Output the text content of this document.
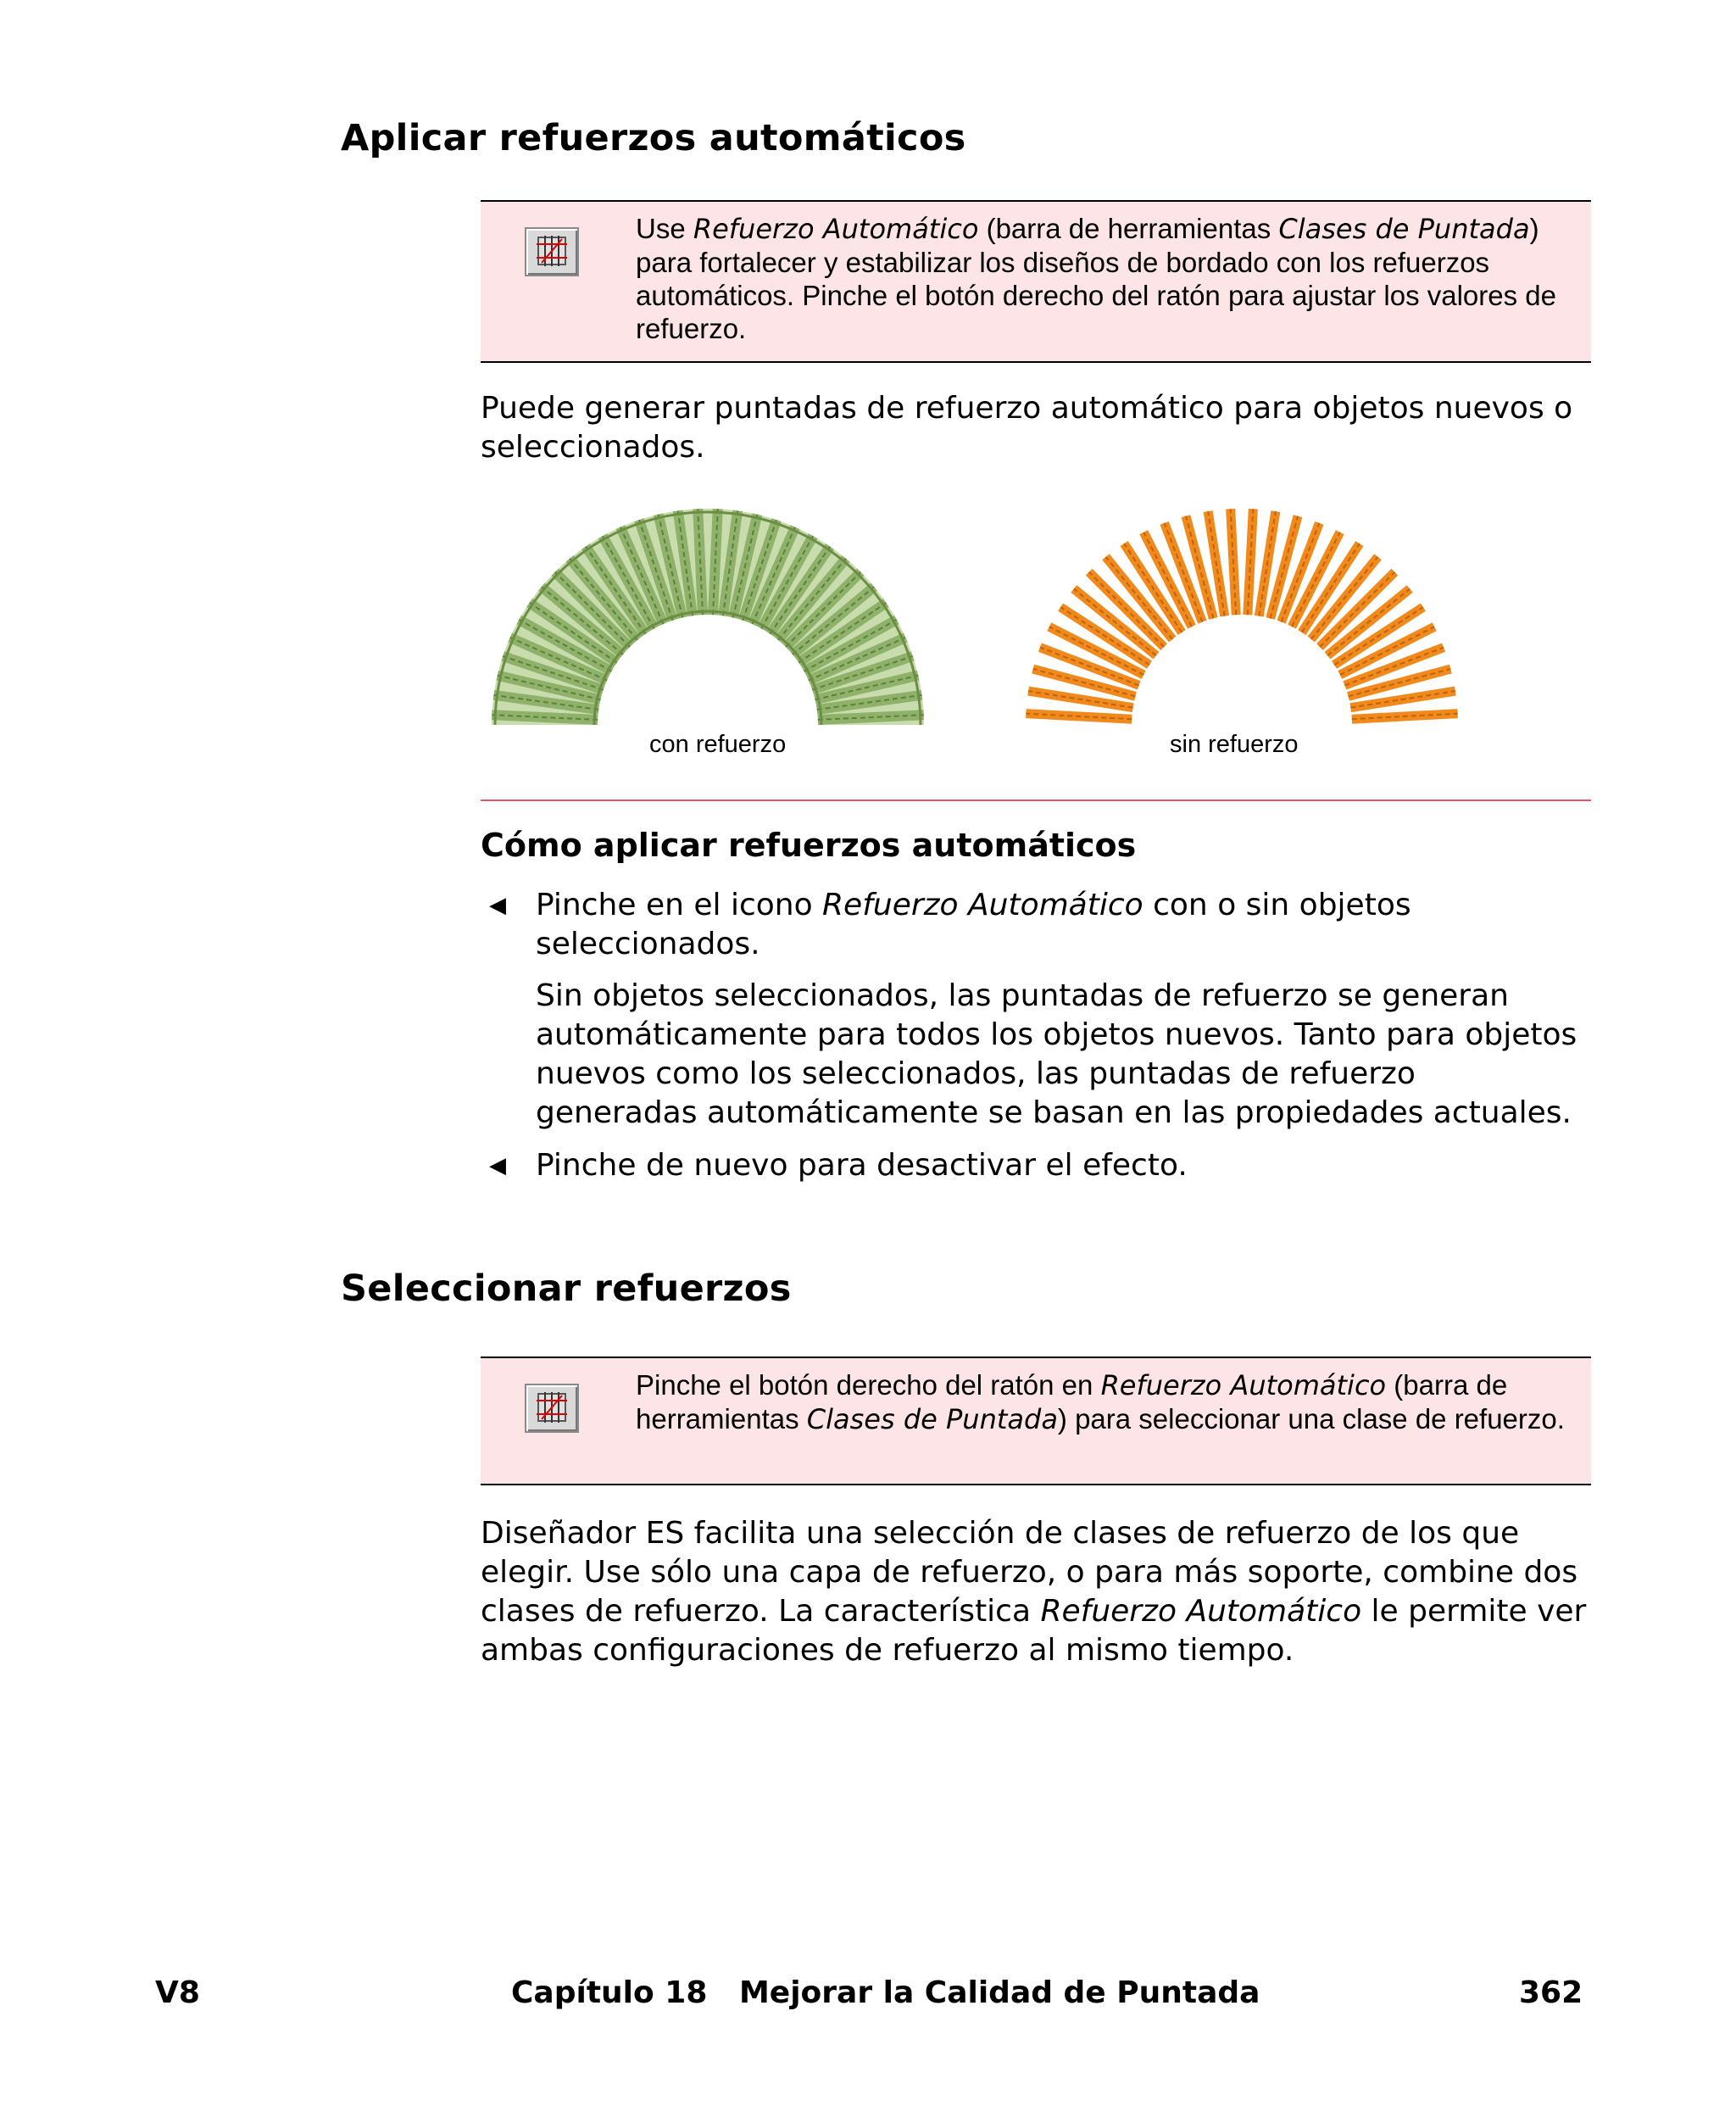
Aplicar refuerzos automáticos
Use Refuerzo Automático (barra de herramientas Clases de Puntada) para fortalecer y estabilizar los diseños de bordado con los refuerzos automáticos. Pinche el botón derecho del ratón para ajustar los valores de refuerzo.

Puede generar puntadas de refuerzo automático para objetos nuevos o seleccionados.

con refuerzo	sin refuerzo
Cómo aplicar refuerzos automáticos
◀ Pinche en el icono Refuerzo Automático con o sin objetos seleccionados.

Sin objetos seleccionados, las puntadas de refuerzo se generan automáticamente para todos los objetos nuevos. Tanto para objetos nuevos como los seleccionados, las puntadas de refuerzo generadas automáticamente se basan en las propiedades actuales.

◀ Pinche de nuevo para desactivar el efecto.

Seleccionar refuerzos
Pinche el botón derecho del ratón en Refuerzo Automático (barra de herramientas Clases de Puntada) para seleccionar una clase de refuerzo.

Diseñador ES facilita una selección de clases de refuerzo de los que elegir. Use sólo una capa de refuerzo, o para más soporte, combine dos clases de refuerzo. La característica Refuerzo Automático le permite ver ambas configuraciones de refuerzo al mismo tiempo.

V8	Capítulo 18   Mejorar la Calidad de Puntada	362
